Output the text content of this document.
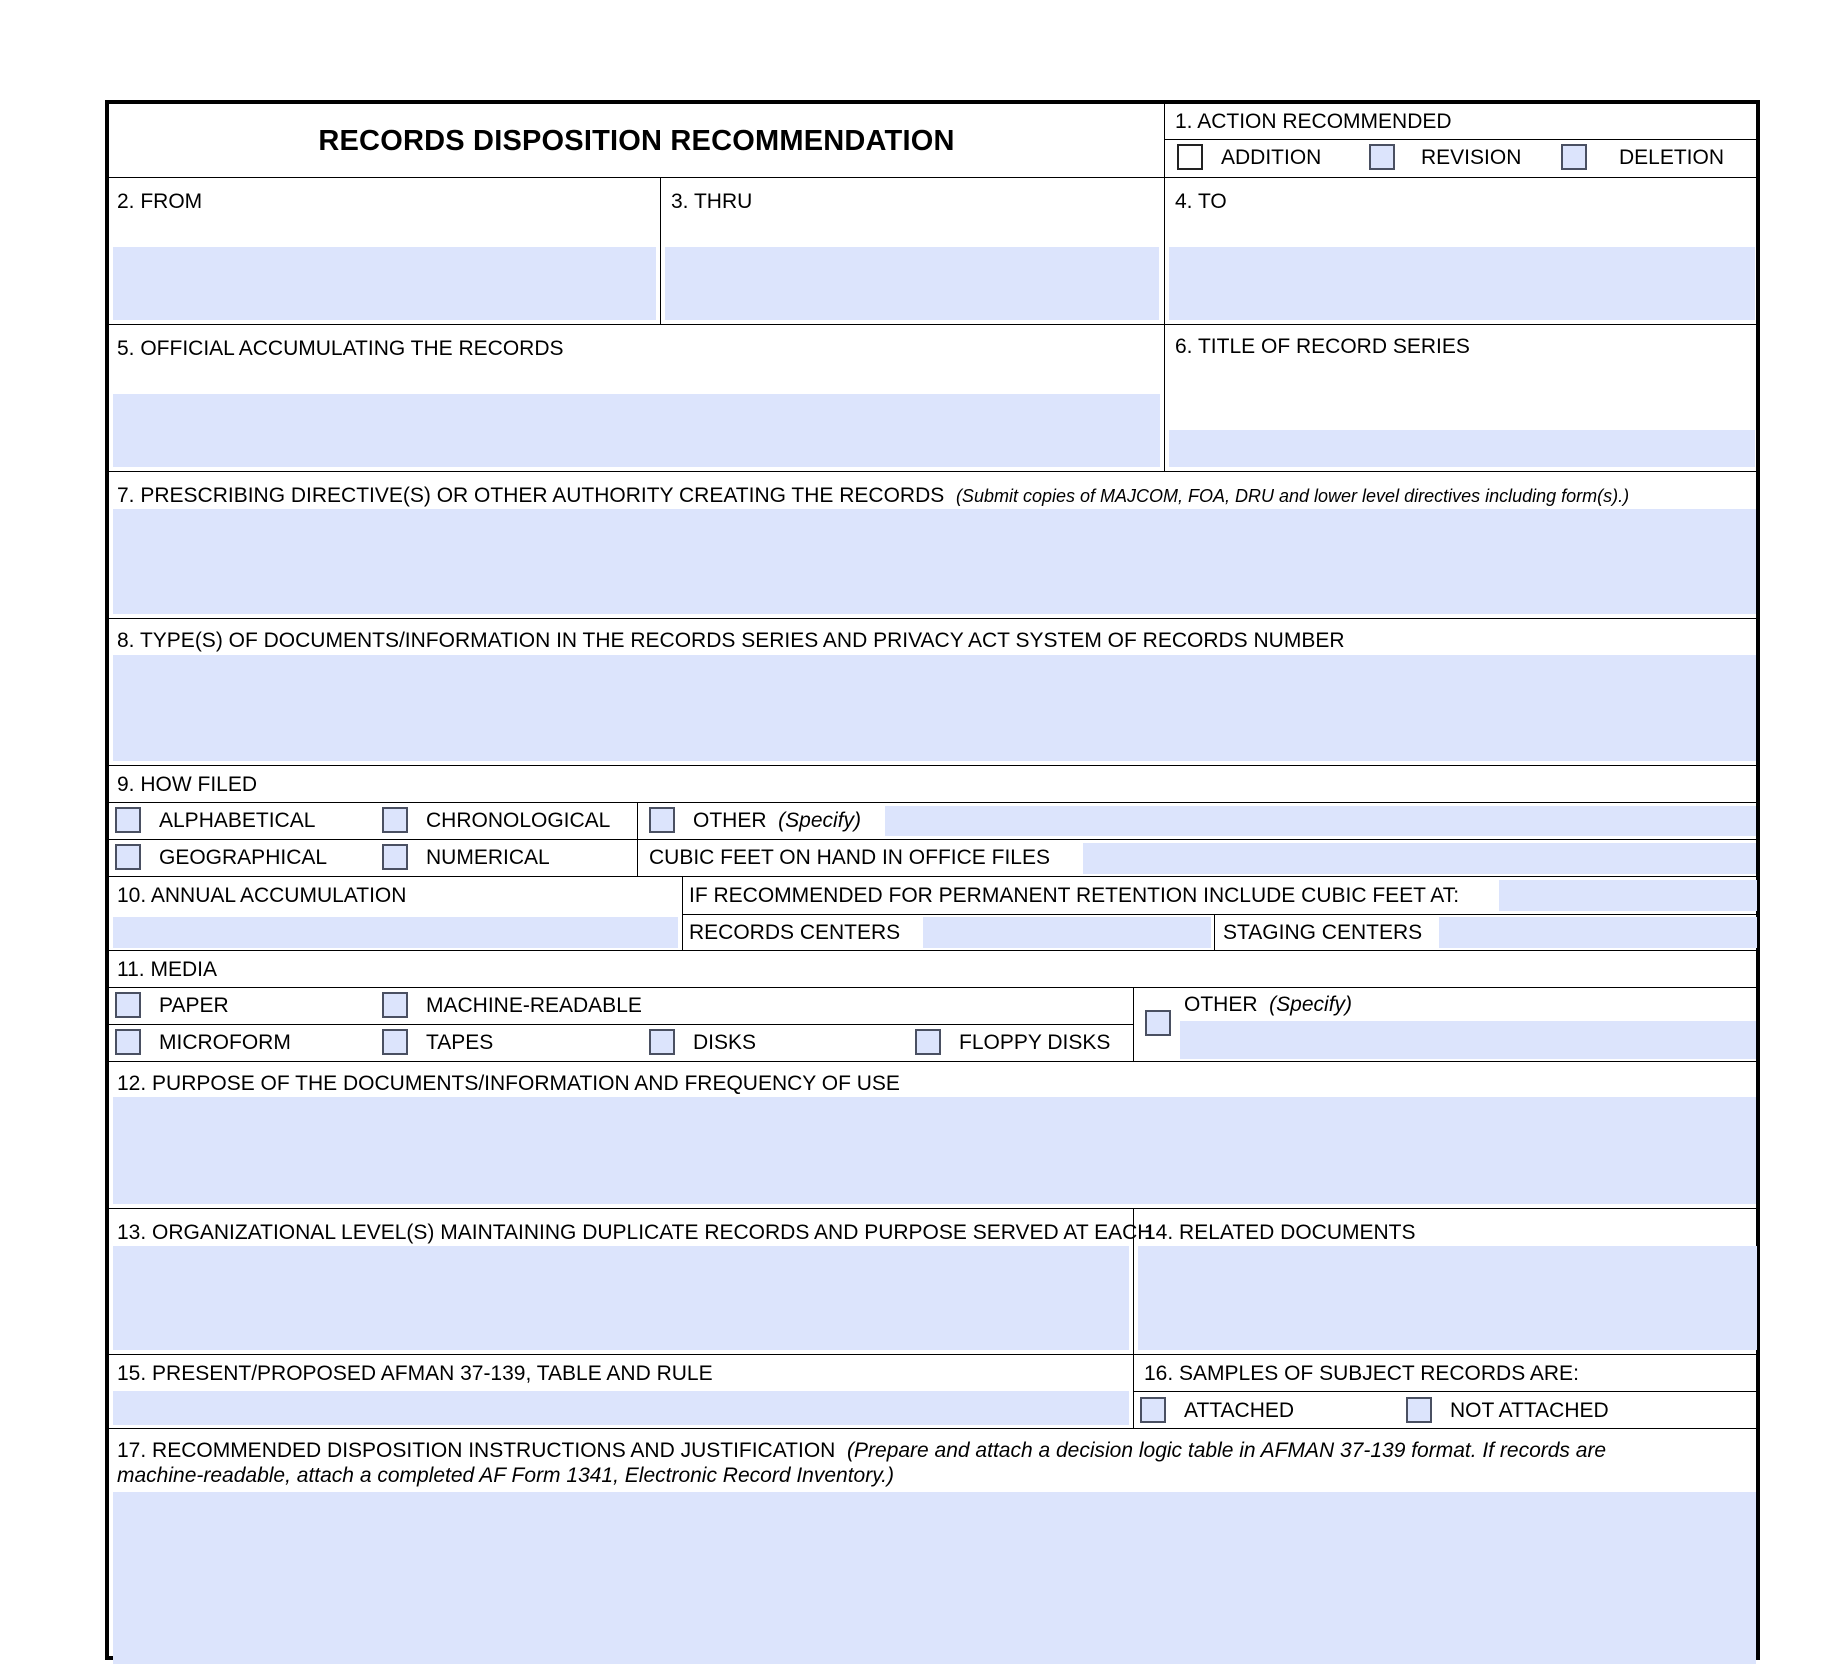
RECORDS DISPOSITION RECOMMENDATION
1. ACTION RECOMMENDED
ADDITION	REVISION	DELETION
2. FROM	3. THRU	4. TO
5. OFFICIAL ACCUMULATING THE RECORDS	6. TITLE OF RECORD SERIES
7. PRESCRIBING DIRECTIVE(S) OR OTHER AUTHORITY CREATING THE RECORDS (Submit copies of MAJCOM, FOA, DRU and lower level directives including form(s).)
8. TYPE(S) OF DOCUMENTS/INFORMATION IN THE RECORDS SERIES AND PRIVACY ACT SYSTEM OF RECORDS NUMBER
9. HOW FILED
ALPHABETICAL	CHRONOLOGICAL	OTHER (Specify)
GEOGRAPHICAL	NUMERICAL	CUBIC FEET ON HAND IN OFFICE FILES
10. ANNUAL ACCUMULATION	IF RECOMMENDED FOR PERMANENT RETENTION INCLUDE CUBIC FEET AT:
RECORDS CENTERS	STAGING CENTERS
11. MEDIA
PAPER	MACHINE-READABLE
MICROFORM	TAPES	DISKS	FLOPPY DISKS
OTHER (Specify)
12. PURPOSE OF THE DOCUMENTS/INFORMATION AND FREQUENCY OF USE
13. ORGANIZATIONAL LEVEL(S) MAINTAINING DUPLICATE RECORDS AND PURPOSE SERVED AT EACH
14. RELATED DOCUMENTS
15. PRESENT/PROPOSED AFMAN 37-139, TABLE AND RULE	16. SAMPLES OF SUBJECT RECORDS ARE:
ATTACHED	NOT ATTACHED
17. RECOMMENDED DISPOSITION INSTRUCTIONS AND JUSTIFICATION (Prepare and attach a decision logic table in AFMAN 37-139 format. If records are
machine-readable, attach a completed AF Form 1341, Electronic Record Inventory.)
